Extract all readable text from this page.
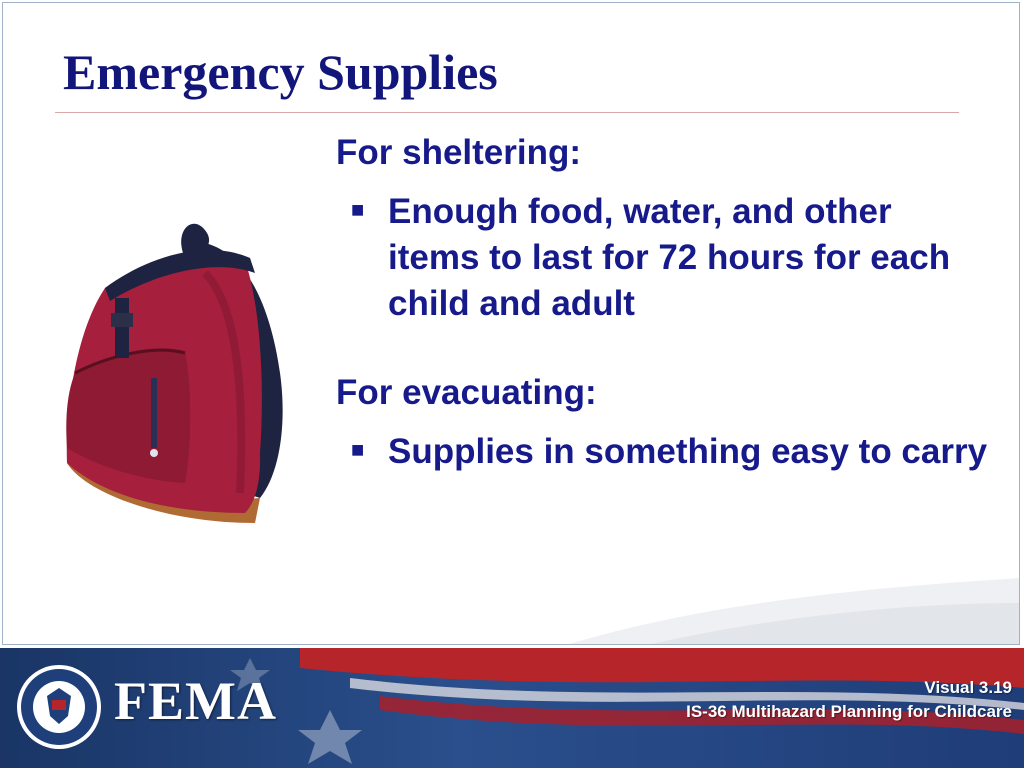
Emergency Supplies
For sheltering:
■ Enough food, water, and other items to last for 72 hours for each child and adult
For evacuating:
■ Supplies in something easy to carry
FEMA	Visual 3.19
IS-36 Multihazard Planning for Childcare
